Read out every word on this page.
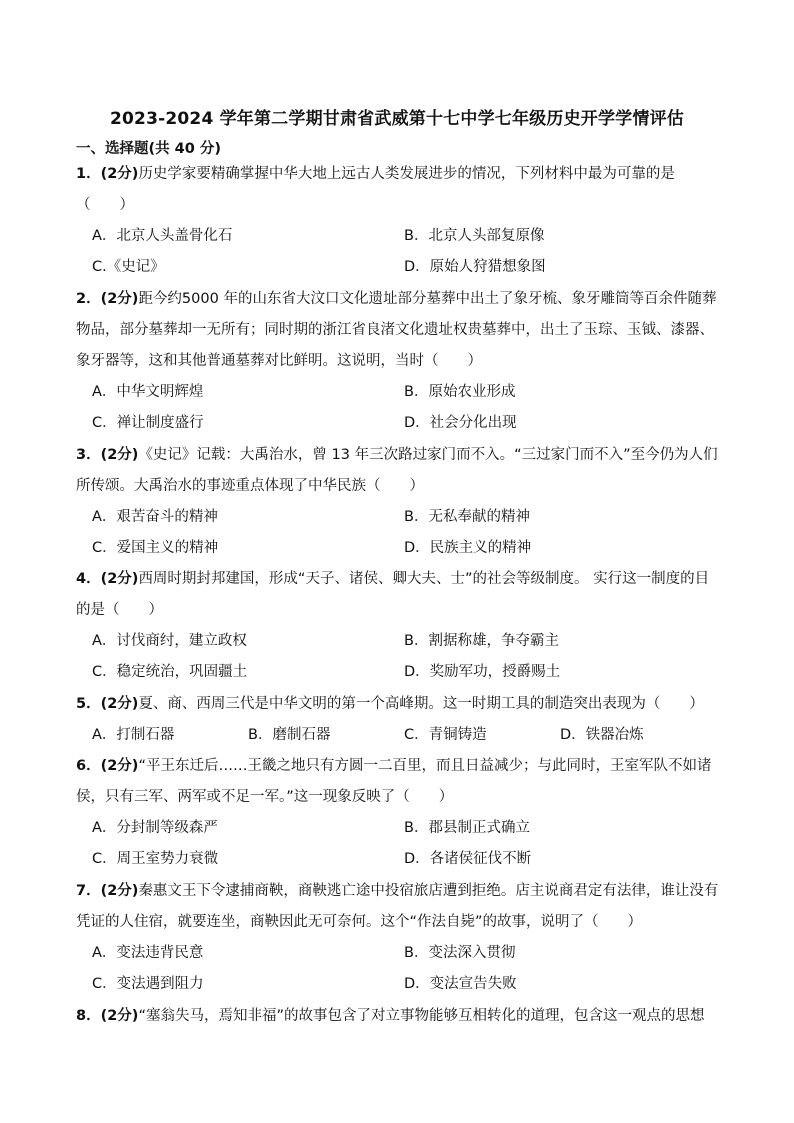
2023-2024 学年第二学期甘肃省武威第十七中学七年级历史开学学情评估
一、选择题(共 40 分)
1．(2分)历史学家要精确掌握中华大地上远古人类发展进步的情况，下列材料中最为可靠的是（　　）
A．北京人头盖骨化石	B．北京人头部复原像
C.《史记》	D．原始人狩猎想象图
2．(2分)距今约5000 年的山东省大汶口文化遗址部分墓葬中出土了象牙梳、象牙雕筒等百余件随葬物品，部分墓葬却一无所有；同时期的浙江省良渚文化遗址权贵墓葬中，出土了玉琮、玉钺、漆器、象牙器等，这和其他普通墓葬对比鲜明。这说明，当时（　　）
A．中华文明辉煌	B．原始农业形成
C．禅让制度盛行	D．社会分化出现
3．(2分)《史记》记载：大禹治水，曾 13 年三次路过家门而不入。“三过家门而不入”至今仍为人们所传颂。大禹治水的事迹重点体现了中华民族（　　）
A．艰苦奋斗的精神	B．无私奉献的精神
C．爱国主义的精神	D．民族主义的精神
4．(2分)西周时期封邦建国，形成“天子、诸侯、卿大夫、士”的社会等级制度。 实行这一制度的目的是（　　）
A．讨伐商纣，建立政权	B．割据称雄，争夺霸主
C．稳定统治，巩固疆土	D．奖励军功，授爵赐土
5．(2分)夏、商、西周三代是中华文明的第一个高峰期。这一时期工具的制造突出表现为（　　）
A．打制石器	B．磨制石器	C．青铜铸造	D．铁器冶炼
6．(2分)“平王东迁后……王畿之地只有方圆一二百里，而且日益减少；与此同时，王室军队不如诸侯，只有三军、两军或不足一军。”这一现象反映了（　　）
A．分封制等级森严	B．郡县制正式确立
C．周王室势力衰微	D．各诸侯征伐不断
7．(2分)秦惠文王下令逮捕商鞅，商鞅逃亡途中投宿旅店遭到拒绝。店主说商君定有法律，谁让没有凭证的人住宿，就要连坐，商鞅因此无可奈何。这个“作法自毙”的故事，说明了（　　）
A．变法违背民意	B．变法深入贯彻
C．变法遇到阻力	D．变法宣告失败
8．(2分)“塞翁失马，焉知非福”的故事包含了对立事物能够互相转化的道理，包含这一观点的思想
